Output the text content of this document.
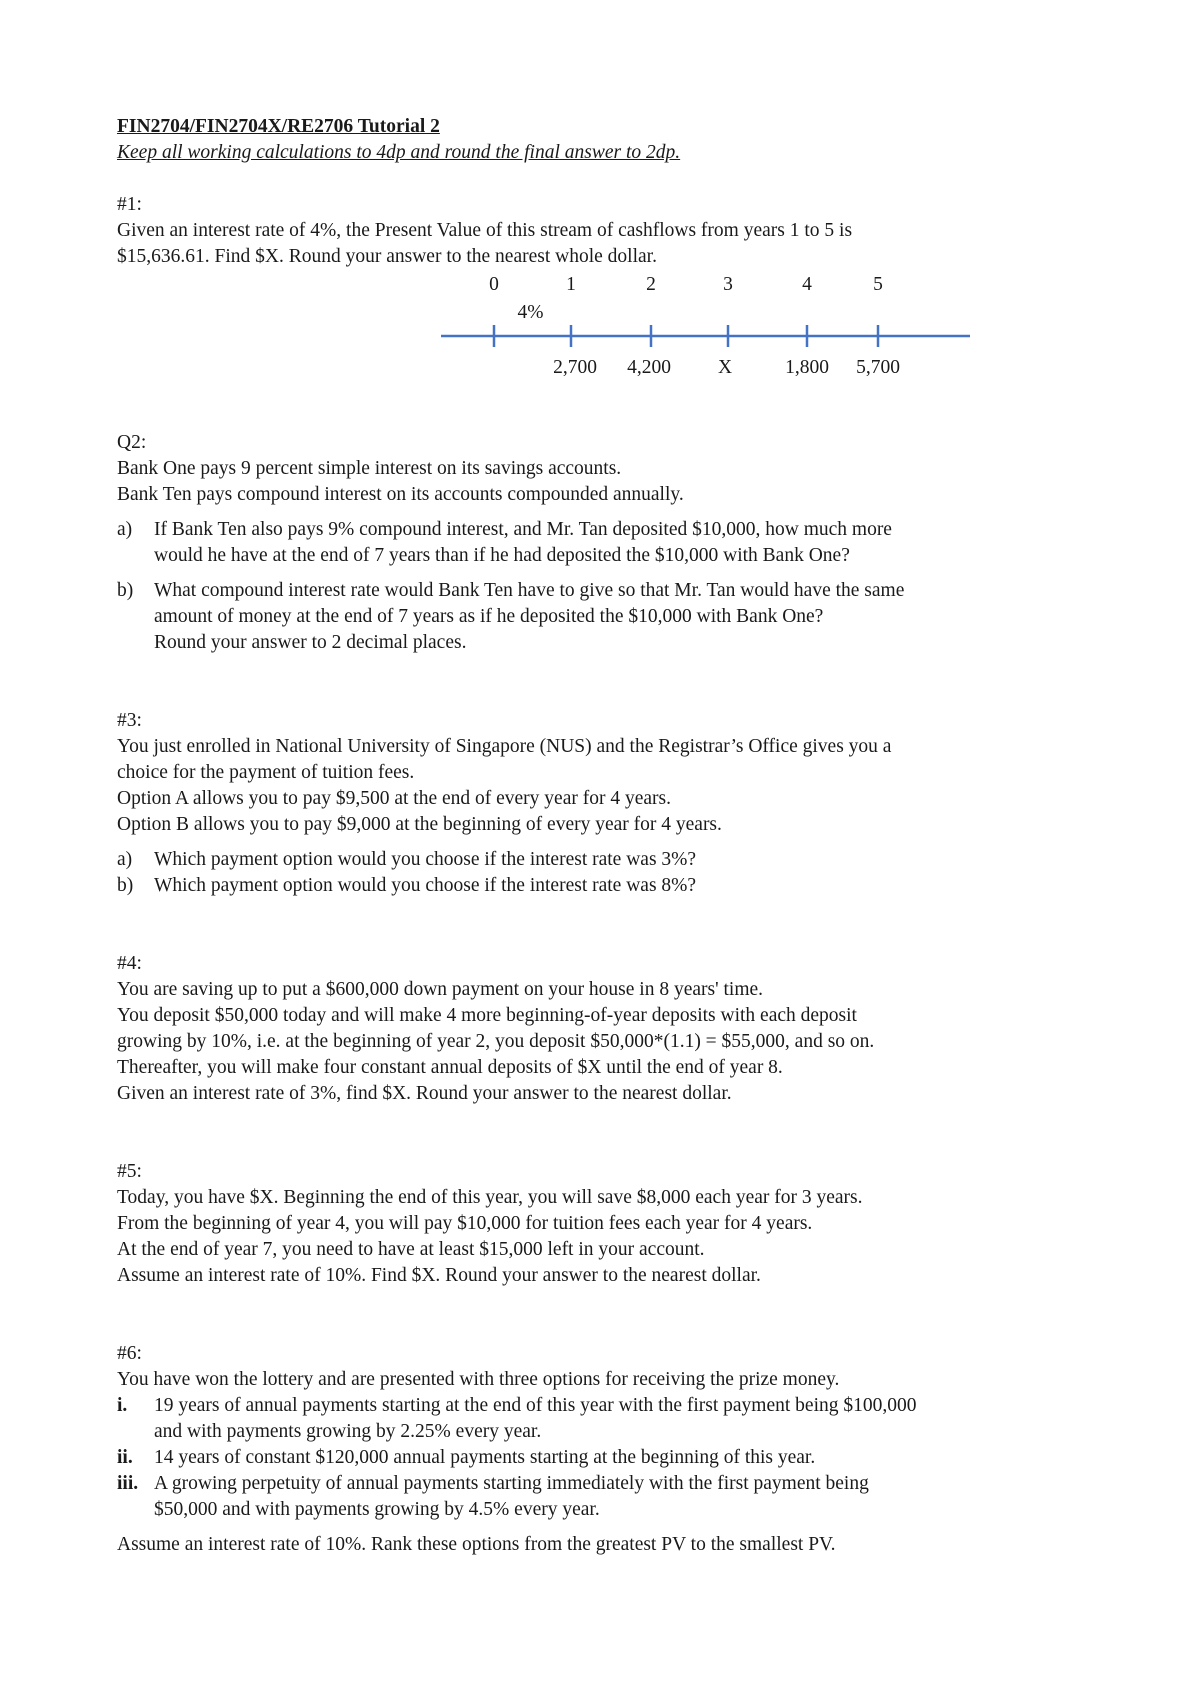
FIN2704/FIN2704X/RE2706 Tutorial 2

Keep all working calculations to 4dp and round the final answer to 2dp.

#1:

Given an interest rate of 4%, the Present Value of this stream of cashflows from years 1 to 5 is

$15,636.61. Find $X. Round your answer to the nearest whole dollar.

0	1	2	3	4	5
4%
2,700	4,200	X	1,800	5,700

Q2:

Bank One pays 9 percent simple interest on its savings accounts.

Bank Ten pays compound interest on its accounts compounded annually.

a) If Bank Ten also pays 9% compound interest, and Mr. Tan deposited $10,000, how much more

would he have at the end of 7 years than if he had deposited the $10,000 with Bank One?

b) What compound interest rate would Bank Ten have to give so that Mr. Tan would have the same

amount of money at the end of 7 years as if he deposited the $10,000 with Bank One?

Round your answer to 2 decimal places.

#3:

You just enrolled in National University of Singapore (NUS) and the Registrar’s Office gives you a

choice for the payment of tuition fees.

Option A allows you to pay $9,500 at the end of every year for 4 years.

Option B allows you to pay $9,000 at the beginning of every year for 4 years.

a) Which payment option would you choose if the interest rate was 3%?

b) Which payment option would you choose if the interest rate was 8%?

#4:

You are saving up to put a $600,000 down payment on your house in 8 years' time.

You deposit $50,000 today and will make 4 more beginning-of-year deposits with each deposit

growing by 10%, i.e. at the beginning of year 2, you deposit $50,000*(1.1) = $55,000, and so on.

Thereafter, you will make four constant annual deposits of $X until the end of year 8.

Given an interest rate of 3%, find $X. Round your answer to the nearest dollar.

#5:

Today, you have $X. Beginning the end of this year, you will save $8,000 each year for 3 years.

From the beginning of year 4, you will pay $10,000 for tuition fees each year for 4 years.

At the end of year 7, you need to have at least $15,000 left in your account.

Assume an interest rate of 10%. Find $X. Round your answer to the nearest dollar.

#6:

You have won the lottery and are presented with three options for receiving the prize money.

i. 19 years of annual payments starting at the end of this year with the first payment being $100,000

and with payments growing by 2.25% every year.

ii. 14 years of constant $120,000 annual payments starting at the beginning of this year.

iii. A growing perpetuity of annual payments starting immediately with the first payment being

$50,000 and with payments growing by 4.5% every year.

Assume an interest rate of 10%. Rank these options from the greatest PV to the smallest PV.
